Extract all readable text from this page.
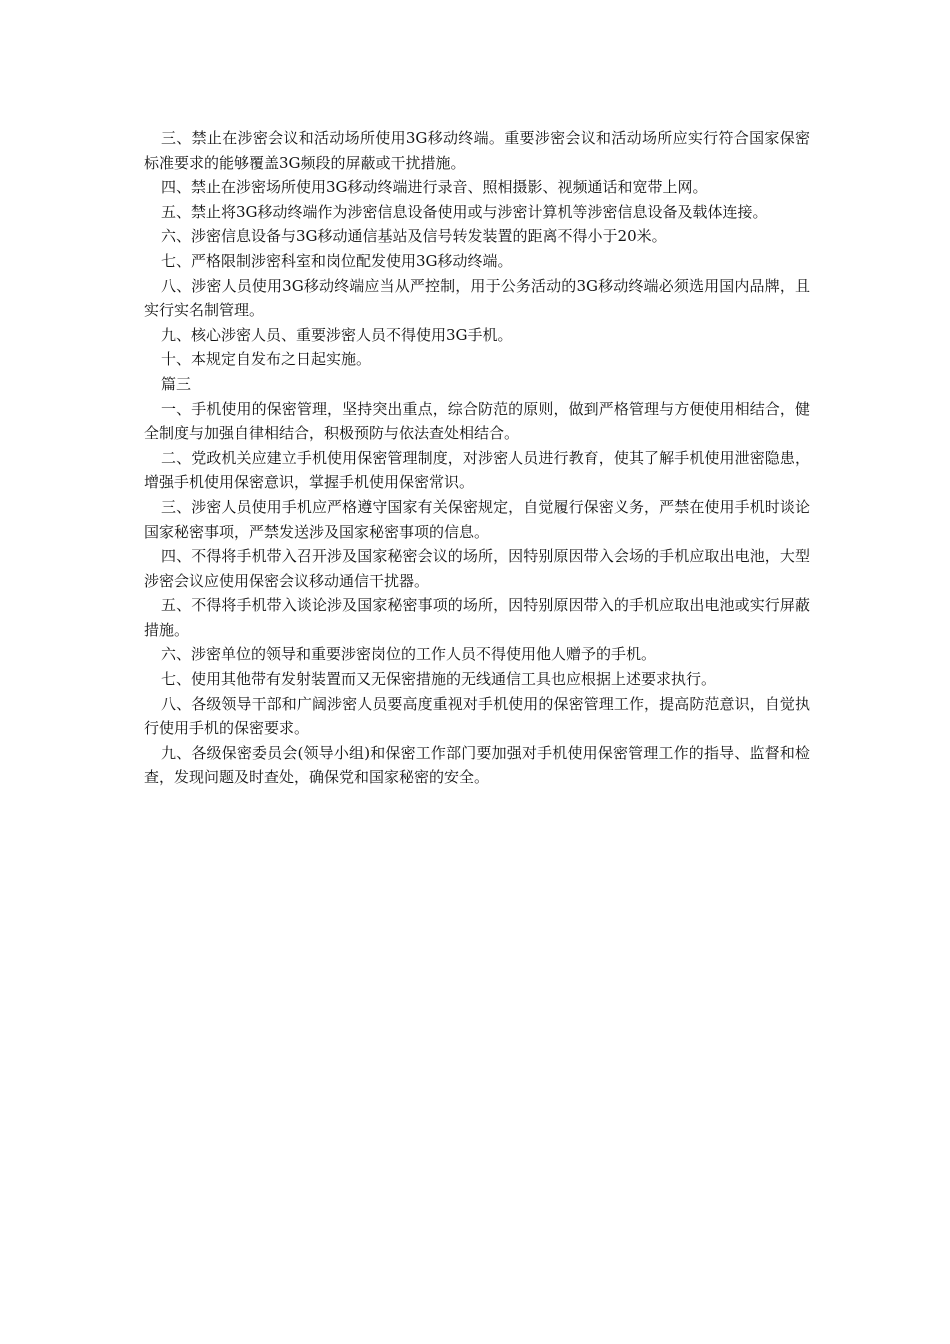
三、禁止在涉密会议和活动场所使用3G移动终端。重要涉密会议和活动场所应实行符合国家保密标准要求的能够覆盖3G频段的屏蔽或干扰措施。

四、禁止在涉密场所使用3G移动终端进行录音、照相摄影、视频通话和宽带上网。

五、禁止将3G移动终端作为涉密信息设备使用或与涉密计算机等涉密信息设备及载体连接。

六、涉密信息设备与3G移动通信基站及信号转发装置的距离不得小于20米。

七、严格限制涉密科室和岗位配发使用3G移动终端。

八、涉密人员使用3G移动终端应当从严控制，用于公务活动的3G移动终端必须选用国内品牌，且实行实名制管理。

九、核心涉密人员、重要涉密人员不得使用3G手机。

十、本规定自发布之日起实施。

篇三

一、手机使用的保密管理，坚持突出重点，综合防范的原则，做到严格管理与方便使用相结合，健全制度与加强自律相结合，积极预防与依法查处相结合。

二、党政机关应建立手机使用保密管理制度，对涉密人员进行教育，使其了解手机使用泄密隐患，增强手机使用保密意识，掌握手机使用保密常识。

三、涉密人员使用手机应严格遵守国家有关保密规定，自觉履行保密义务，严禁在使用手机时谈论国家秘密事项，严禁发送涉及国家秘密事项的信息。

四、不得将手机带入召开涉及国家秘密会议的场所，因特别原因带入会场的手机应取出电池，大型涉密会议应使用保密会议移动通信干扰器。

五、不得将手机带入谈论涉及国家秘密事项的场所，因特别原因带入的手机应取出电池或实行屏蔽措施。

六、涉密单位的领导和重要涉密岗位的工作人员不得使用他人赠予的手机。

七、使用其他带有发射装置而又无保密措施的无线通信工具也应根据上述要求执行。

八、各级领导干部和广阔涉密人员要高度重视对手机使用的保密管理工作，提高防范意识，自觉执行使用手机的保密要求。

九、各级保密委员会(领导小组)和保密工作部门要加强对手机使用保密管理工作的指导、监督和检查，发现问题及时查处，确保党和国家秘密的安全。
